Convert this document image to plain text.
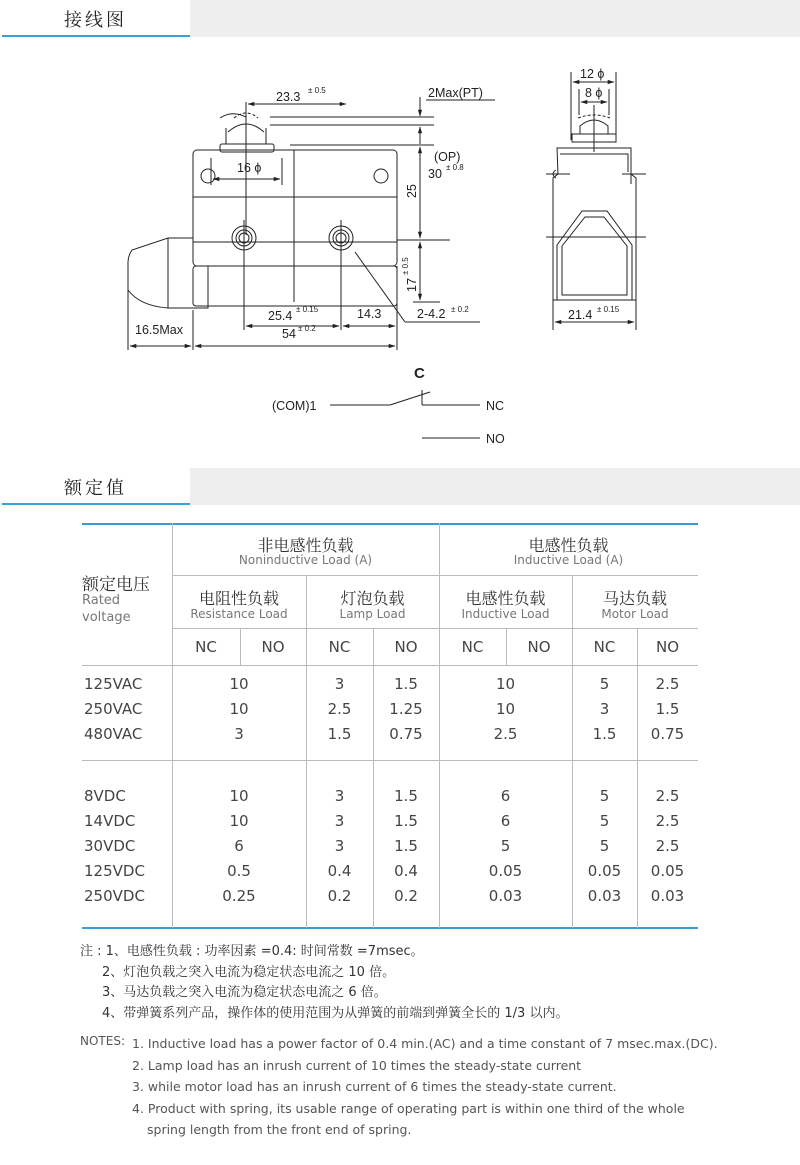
接线图
23.3 ± 0.5	2Max(PT)
(OP)
30 ± 0.8
16 ϕ
25
17
± 0.5
25.4 ± 0.15	14.3	2-4.2 ± 0.2
16.5Max	54 ± 0.2
12 ϕ
8 ϕ
21.4 ± 0.15
C
(COM)1	NC
NO
额定值
额定电压
Rated
voltage
非电感性负载
Noninductive Load (A)
电感性负载
Inductive Load (A)
电阻性负载
Resistance Load
灯泡负载
Lamp Load
电感性负载
Inductive Load
马达负载
Motor Load
NC	NO	NC	NO	NC	NO	NC	NO
125VAC	10	3	1.5	10	5	2.5
250VAC	10	2.5	1.25	10	3	1.5
480VAC	3	1.5	0.75	2.5	1.5	0.75
8VDC	10	3	1.5	6	5	2.5
14VDC	10	3	1.5	6	5	2.5
30VDC	6	3	1.5	5	5	2.5
125VDC	0.5	0.4	0.4	0.05	0.05	0.05
250VDC	0.25	0.2	0.2	0.03	0.03	0.03
注 : 1、电感性负载 : 功率因素 =0.4: 时间常数 =7msec。
2、灯泡负载之突入电流为稳定状态电流之 10 倍。
3、马达负载之突入电流为稳定状态电流之 6 倍。
4、带弹簧系列产品，操作体的使用范围为从弹簧的前端到弹簧全长的 1/3 以内。
NOTES: 1. Inductive load has a power factor of 0.4 min.(AC) and a time constant of 7 msec.max.(DC).
2. Lamp load has an inrush current of 10 times the steady-state current
3. while motor load has an inrush current of 6 times the steady-state current.
4. Product with spring, its usable range of operating part is within one third of the whole
spring length from the front end of spring.
